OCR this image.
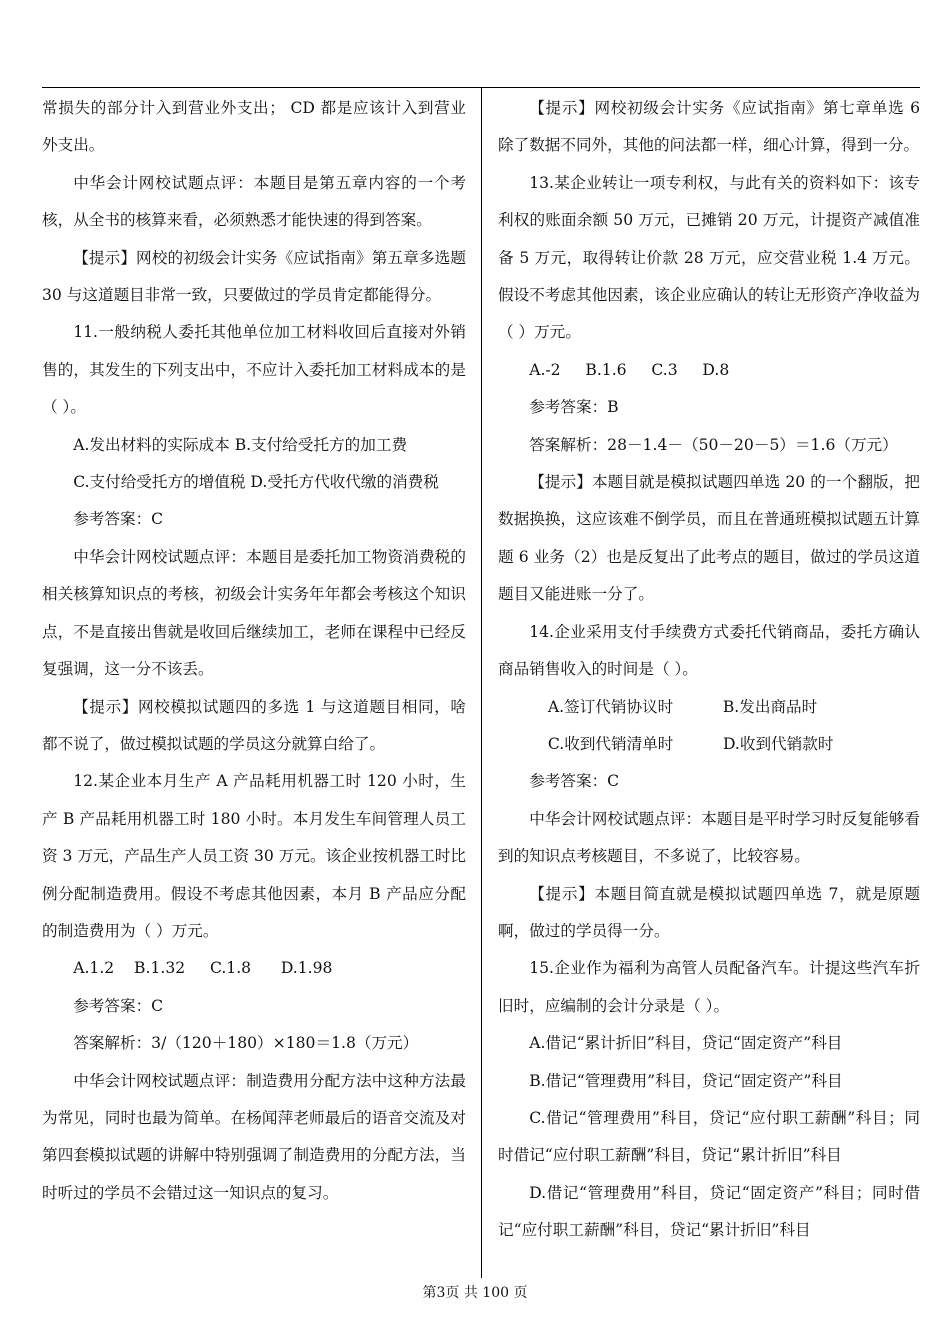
常损失的部分计入到营业外支出； CD 都是应该计入到营业外支出。

中华会计网校试题点评：本题目是第五章内容的一个考核，从全书的核算来看，必须熟悉才能快速的得到答案。

【提示】网校的初级会计实务《应试指南》第五章多选题 30 与这道题目非常一致，只要做过的学员肯定都能得分。

11.一般纳税人委托其他单位加工材料收回后直接对外销售的，其发生的下列支出中，不应计入委托加工材料成本的是（ ）。

A.发出材料的实际成本 B.支付给受托方的加工费

C.支付给受托方的增值税 D.受托方代收代缴的消费税

参考答案：C

中华会计网校试题点评：本题目是委托加工物资消费税的相关核算知识点的考核，初级会计实务年年都会考核这个知识点，不是直接出售就是收回后继续加工，老师在课程中已经反复强调，这一分不该丢。

【提示】网校模拟试题四的多选 1 与这道题目相同，啥都不说了，做过模拟试题的学员这分就算白给了。

12.某企业本月生产 A 产品耗用机器工时 120 小时，生产 B 产品耗用机器工时 180 小时。本月发生车间管理人员工资 3 万元，产品生产人员工资 30 万元。该企业按机器工时比例分配制造费用。假设不考虑其他因素，本月 B 产品应分配的制造费用为（ ）万元。

A.1.2    B.1.32     C.1.8      D.1.98

参考答案：C

答案解析：3/（120＋180）×180＝1.8（万元）

中华会计网校试题点评：制造费用分配方法中这种方法最为常见，同时也最为简单。在杨闻萍老师最后的语音交流及对第四套模拟试题的讲解中特别强调了制造费用的分配方法，当时听过的学员不会错过这一知识点的复习。

【提示】网校初级会计实务《应试指南》第七章单选 6 除了数据不同外，其他的问法都一样，细心计算，得到一分。

13.某企业转让一项专利权，与此有关的资料如下：该专利权的账面余额 50 万元，已摊销 20 万元，计提资产减值准备 5 万元，取得转让价款 28 万元，应交营业税 1.4 万元。假设不考虑其他因素，该企业应确认的转让无形资产净收益为（ ）万元。

A.-2     B.1.6     C.3     D.8

参考答案：B

答案解析：28－1.4－（50－20－5）＝1.6（万元）

【提示】本题目就是模拟试题四单选 20 的一个翻版，把数据换换，这应该难不倒学员，而且在普通班模拟试题五计算题 6 业务（2）也是反复出了此考点的题目，做过的学员这道题目又能进账一分了。

14.企业采用支付手续费方式委托代销商品，委托方确认商品销售收入的时间是（ ）。

A.签订代销协议时          B.发出商品时

C.收到代销清单时          D.收到代销款时

参考答案：C

中华会计网校试题点评：本题目是平时学习时反复能够看到的知识点考核题目，不多说了，比较容易。

【提示】本题目简直就是模拟试题四单选 7，就是原题啊，做过的学员得一分。

15.企业作为福利为高管人员配备汽车。计提这些汽车折旧时，应编制的会计分录是（ ）。

A.借记“累计折旧”科目，贷记“固定资产”科目

B.借记“管理费用”科目，贷记“固定资产”科目

C.借记“管理费用”科目，贷记“应付职工薪酬”科目；同时借记“应付职工薪酬”科目，贷记“累计折旧”科目

D.借记“管理费用”科目，贷记“固定资产”科目；同时借记“应付职工薪酬”科目，贷记“累计折旧”科目

第3页 共 100 页
